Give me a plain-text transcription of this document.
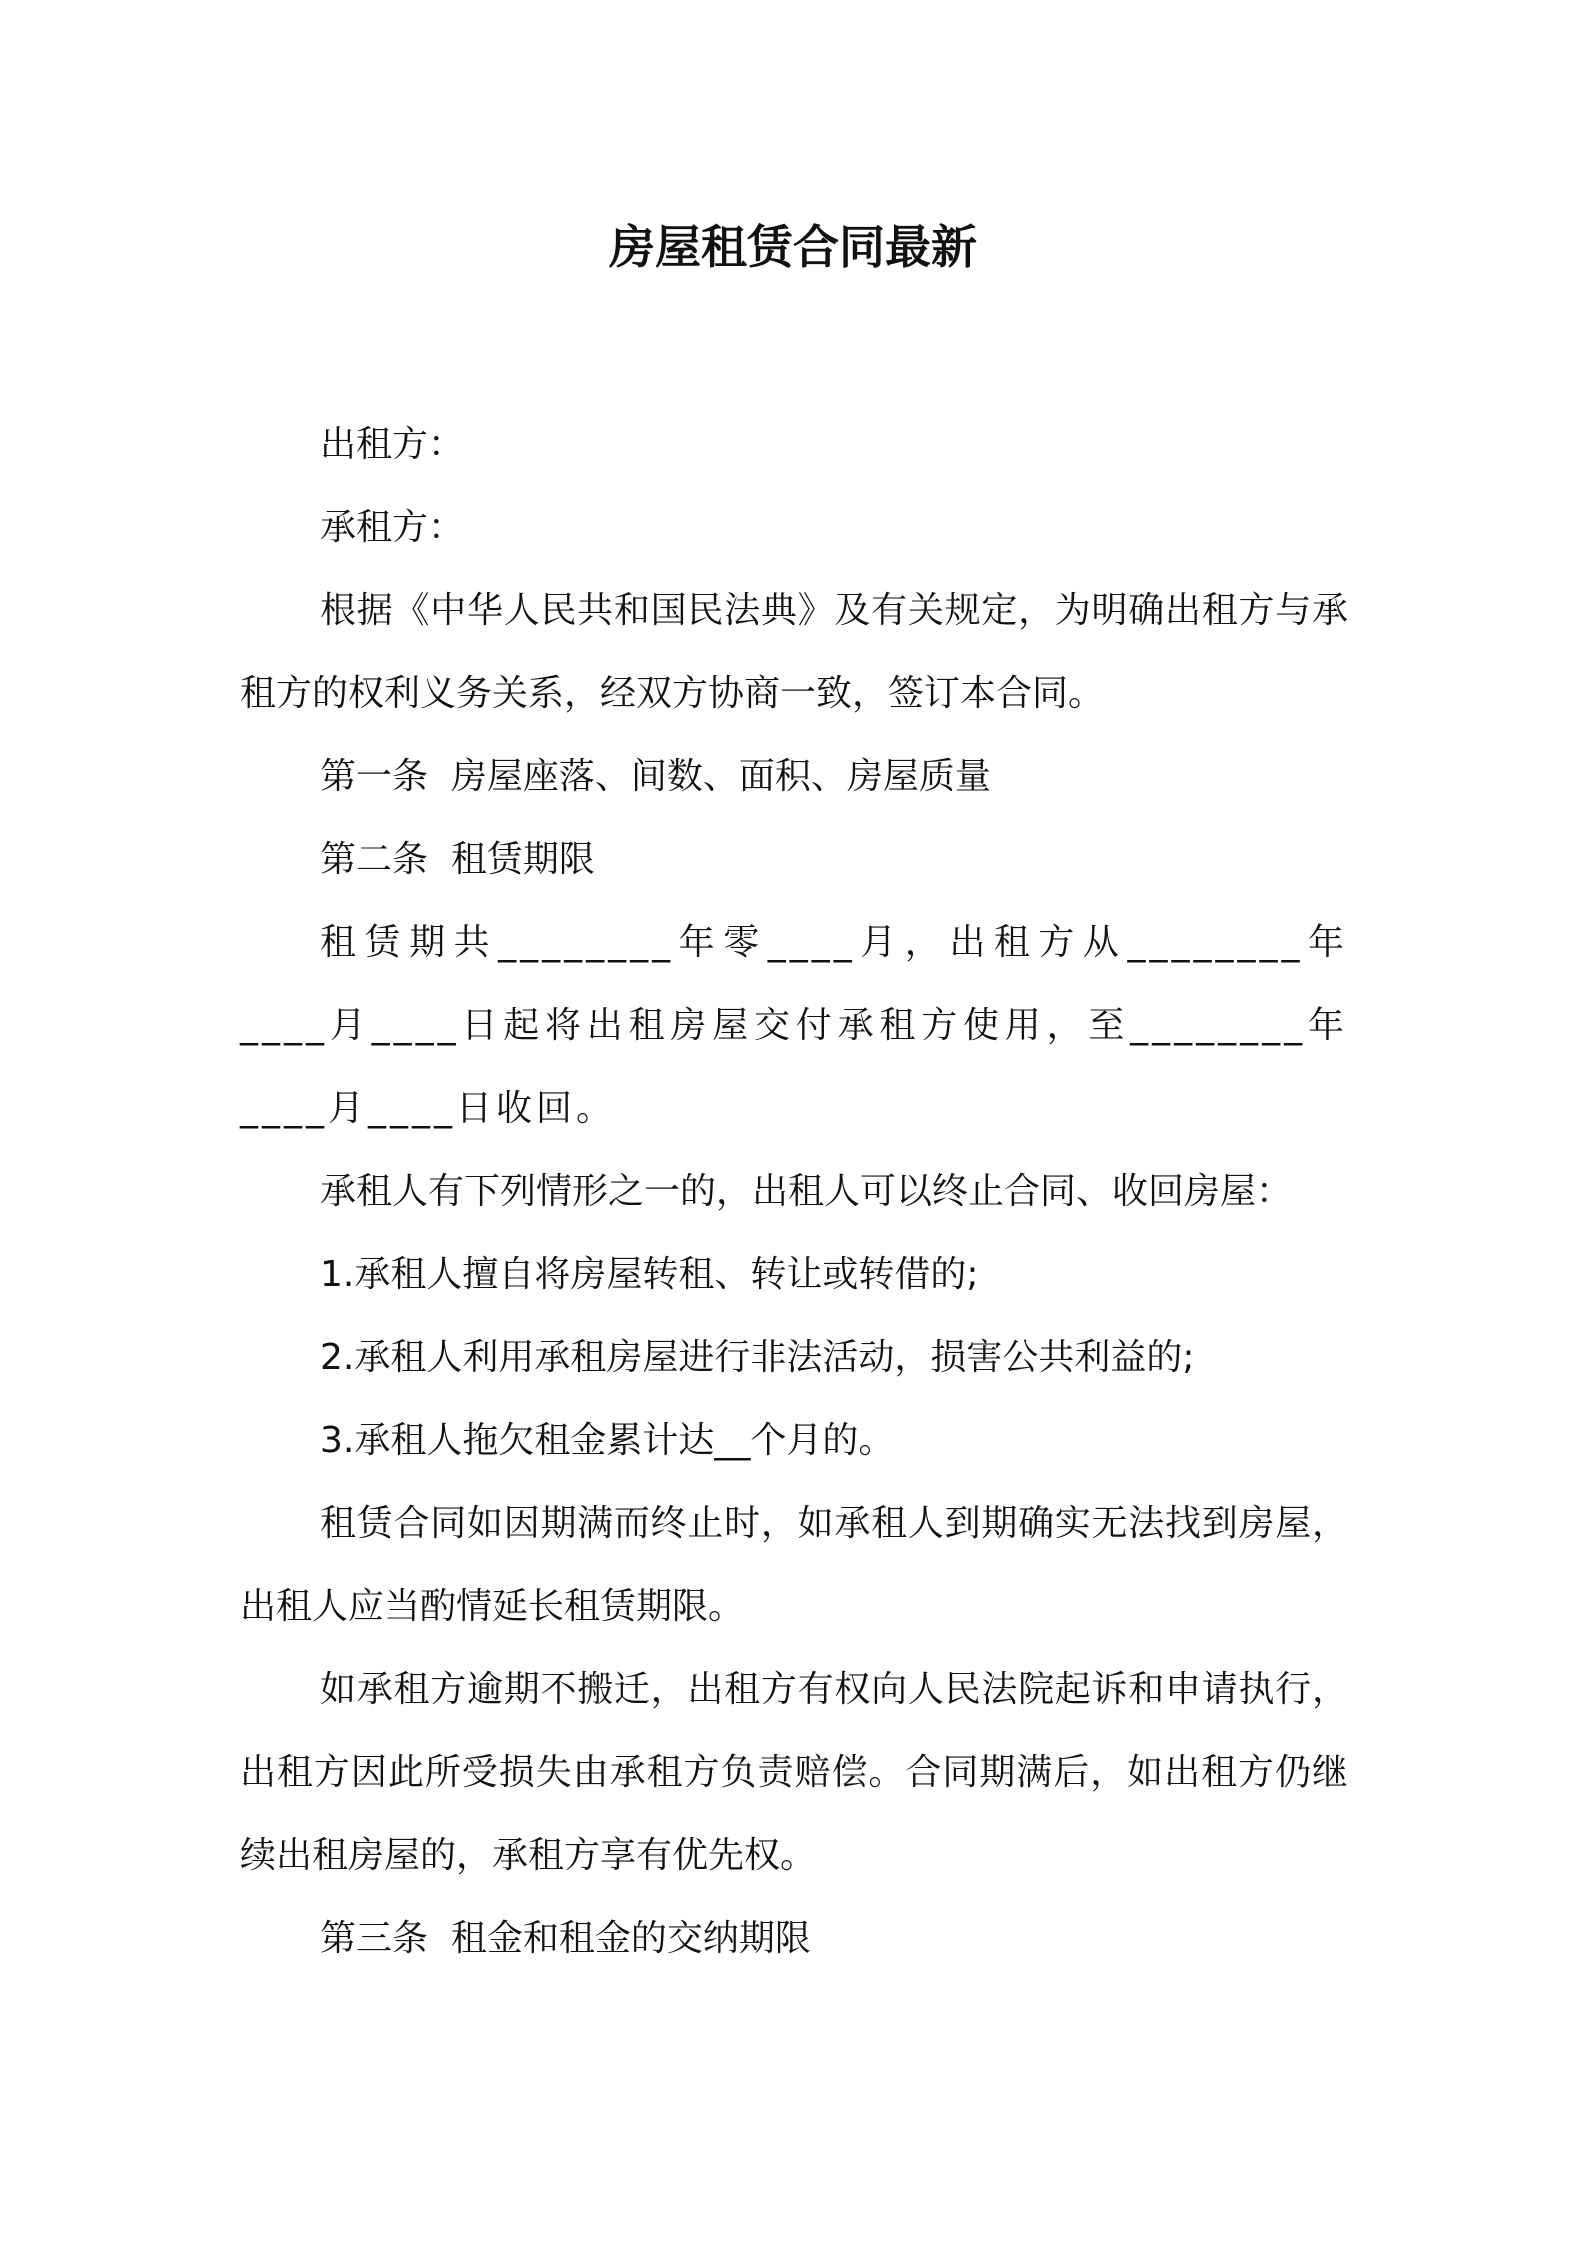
房屋租赁合同最新

出租方：

承租方：

根据《中华人民共和国民法典》及有关规定，为明确出租方与承租方的权利义务关系，经双方协商一致，签订本合同。

第一条  房屋座落、间数、面积、房屋质量

第二条  租赁期限

租赁期共________年零____月，出租方从________年____月____日起将出租房屋交付承租方使用，至________年____月____日收回。

承租人有下列情形之一的，出租人可以终止合同、收回房屋：

1.承租人擅自将房屋转租、转让或转借的;

2.承租人利用承租房屋进行非法活动，损害公共利益的;

3.承租人拖欠租金累计达__个月的。

租赁合同如因期满而终止时，如承租人到期确实无法找到房屋，出租人应当酌情延长租赁期限。

如承租方逾期不搬迁，出租方有权向人民法院起诉和申请执行，出租方因此所受损失由承租方负责赔偿。合同期满后，如出租方仍继续出租房屋的，承租方享有优先权。

第三条  租金和租金的交纳期限
